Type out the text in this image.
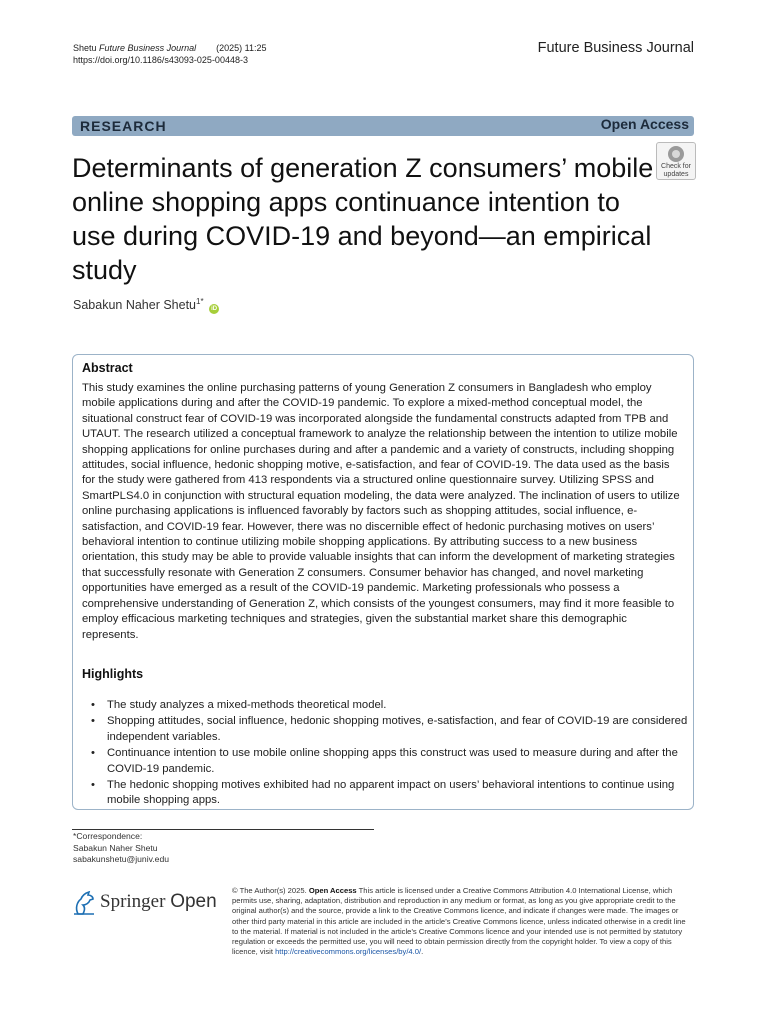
Shetu Future Business Journal (2025) 11:25
https://doi.org/10.1186/s43093-025-00448-3
Future Business Journal
RESEARCH	Open Access
Determinants of generation Z consumers’ mobile online shopping apps continuance intention to use during COVID-19 and beyond—an empirical study
Check for
updates
Sabakun Naher Shetu$^{1*}$ iD
Abstract
This study examines the online purchasing patterns of young Generation Z consumers in Bangladesh who employ mobile applications during and after the COVID-19 pandemic. To explore a mixed-method conceptual model, the situational construct fear of COVID-19 was incorporated alongside the fundamental constructs adapted from TPB and UTAUT. The research utilized a conceptual framework to analyze the relationship between the intention to utilize mobile shopping applications for online purchases during and after a pandemic and a variety of constructs, including shopping attitudes, social influence, hedonic shopping motive, e-satisfaction, and fear of COVID-19. The data used as the basis for the study were gathered from 413 respondents via a structured online questionnaire survey. Utilizing SPSS and SmartPLS4.0 in conjunction with structural equation modeling, the data were analyzed. The inclination of users to utilize online purchasing applications is influenced favorably by factors such as shopping attitudes, social influence, e-satisfaction, and COVID-19 fear. However, there was no discernible effect of hedonic purchasing motives on users’ behavioral intention to continue utilizing mobile shopping applications. By attributing success to a new business orientation, this study may be able to provide valuable insights that can inform the development of marketing strategies that successfully resonate with Generation Z consumers. Consumer behavior has changed, and novel marketing opportunities have emerged as a result of the COVID-19 pandemic. Marketing professionals who possess a comprehensive understanding of Generation Z, which consists of the youngest consumers, may find it more feasible to employ efficacious marketing techniques and strategies, given the substantial market share this demographic represents.
Highlights
• The study analyzes a mixed-methods theoretical model.
• Shopping attitudes, social influence, hedonic shopping motives, e-satisfaction, and fear of COVID-19 are considered independent variables.
• Continuance intention to use mobile online shopping apps this construct was used to measure during and after the COVID-19 pandemic.
• The hedonic shopping motives exhibited had no apparent impact on users’ behavioral intentions to continue using mobile shopping apps.
*Correspondence:
Sabakun Naher Shetu
sabakunshetu@juniv.edu
Springer Open
© The Author(s) 2025. Open Access This article is licensed under a Creative Commons Attribution 4.0 International License, which permits use, sharing, adaptation, distribution and reproduction in any medium or format, as long as you give appropriate credit to the original author(s) and the source, provide a link to the Creative Commons licence, and indicate if changes were made. The images or other third party material in this article are included in the article’s Creative Commons licence, unless indicated otherwise in a credit line to the material. If material is not included in the article’s Creative Commons licence and your intended use is not permitted by statutory regulation or exceeds the permitted use, you will need to obtain permission directly from the copyright holder. To view a copy of this licence, visit http://creativecommons.org/licenses/by/4.0/.
